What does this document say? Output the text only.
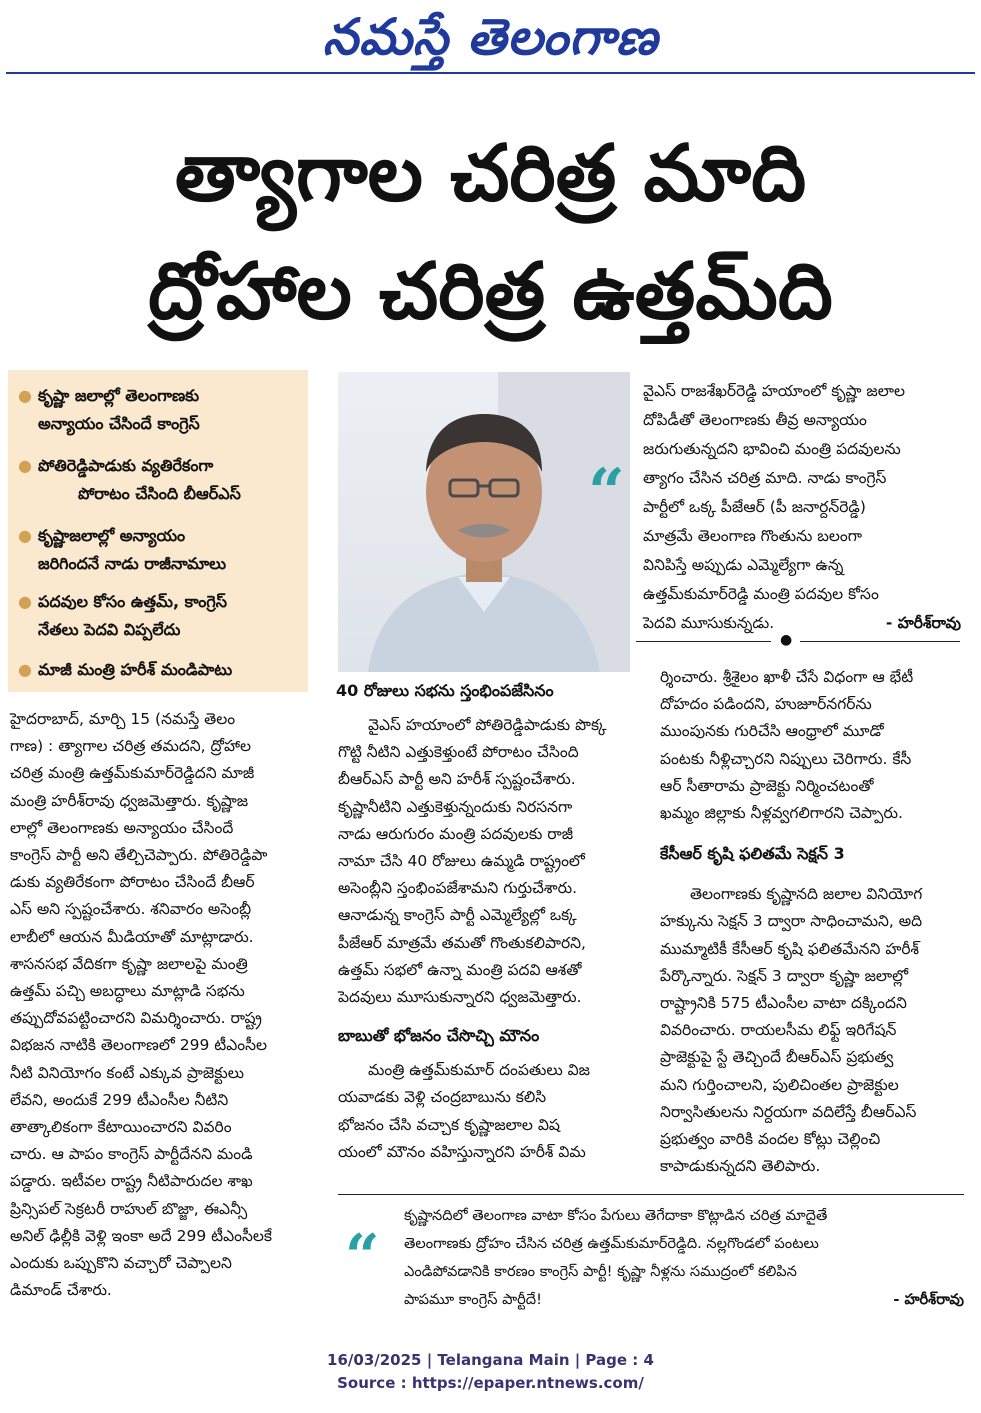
నమస్తే తెలంగాణ
త్యాగాల చరిత్ర మాది
ద్రోహాల చరిత్ర ఉత్తమ్‌ది
● కృష్ణా జలాల్లో తెలంగాణకు
అన్యాయం చేసిందే కాంగ్రెస్
● పోతిరెడ్డిపాడుకు వ్యతిరేకంగా
పోరాటం చేసింది బీఆర్‌ఎస్
● కృష్ణాజలాల్లో అన్యాయం
జరిగిందనే నాడు రాజీనామాలు
● పదవుల కోసం ఉత్తమ్, కాంగ్రెస్
నేతలు పెదవి విప్పలేదు
● మాజీ మంత్రి హరీశ్ మండిపాటు
“
వైఎస్ రాజశేఖర్‌రెడ్డి హయాంలో కృష్ణా జలాల
దోపిడీతో తెలంగాణకు తీవ్ర అన్యాయం
జరుగుతున్నదని భావించి మంత్రి పదవులను
త్యాగం చేసిన చరిత్ర మాది. నాడు కాంగ్రెస్
పార్టీలో ఒక్క పీజేఆర్ (పీ జనార్దన్‌రెడ్డి)
మాత్రమే తెలంగాణ గొంతును బలంగా
వినిపిస్తే అప్పుడు ఎమ్మెల్యేగా ఉన్న
ఉత్తమ్‌కుమార్‌రెడ్డి మంత్రి పదవుల కోసం
పెదవి మూసుకున్నడు.	- హరీశ్‌రావు
●
హైదరాబాద్, మార్చి 15 (నమస్తే తెలం
గాణ) : త్యాగాల చరిత్ర తమదని, ద్రోహాల
చరిత్ర మంత్రి ఉత్తమ్‌కుమార్‌రెడ్డిదని మాజీ
మంత్రి హరీశ్‌రావు ధ్వజమెత్తారు. కృష్ణాజ
లాల్లో తెలంగాణకు అన్యాయం చేసిందే
కాంగ్రెస్ పార్టీ అని తేల్చిచెప్పారు. పోతిరెడ్డిపా
డుకు వ్యతిరేకంగా పోరాటం చేసిందే బీఆర్
ఎస్ అని స్పష్టంచేశారు. శనివారం అసెంబ్లీ
లాబీలో ఆయన మీడియాతో మాట్లాడారు.
శాసనసభ వేదికగా కృష్ణా జలాలపై మంత్రి
ఉత్తమ్ పచ్చి అబద్ధాలు మాట్లాడి సభను
తప్పుదోవపట్టించారని విమర్శించారు. రాష్ట్ర
విభజన నాటికి తెలంగాణలో 299 టీఎంసీల
నీటి వినియోగం కంటే ఎక్కువ ప్రాజెక్టులు
లేవని, అందుకే 299 టీఎంసీల నీటిని
తాత్కాలికంగా కేటాయించారని వివరిం
చారు. ఆ పాపం కాంగ్రెస్ పార్టీదేనని మండి
పడ్డారు. ఇటీవల రాష్ట్ర నీటిపారుదల శాఖ
ప్రిన్సిపల్ సెక్రటరీ రాహుల్ బొజ్జా, ఈఎన్సీ
అనిల్ ఢిల్లీకి వెళ్లి ఇంకా అదే 299 టీఎంసీలకే
ఎందుకు ఒప్పుకొని వచ్చారో చెప్పాలని
డిమాండ్ చేశారు.
40 రోజులు సభను స్తంభింపజేసినం
వైఎస్ హయాంలో పోతిరెడ్డిపాడుకు పొక్క
గొట్టి నీటిని ఎత్తుకెళ్తుంటే పోరాటం చేసింది
బీఆర్‌ఎస్ పార్టీ అని హరీశ్ స్పష్టంచేశారు.
కృష్ణానీటిని ఎత్తుకెళ్తున్నందుకు నిరసనగా
నాడు ఆరుగురం మంత్రి పదవులకు రాజీ
నామా చేసి 40 రోజులు ఉమ్మడి రాష్ట్రంలో
అసెంబ్లీని స్తంభింపజేశామని గుర్తుచేశారు.
ఆనాడున్న కాంగ్రెస్ పార్టీ ఎమ్మెల్యేల్లో ఒక్క
పీజేఆర్ మాత్రమే తమతో గొంతుకలిపారని,
ఉత్తమ్ సభలో ఉన్నా మంత్రి పదవి ఆశతో
పెదవులు మూసుకున్నారని ధ్వజమెత్తారు.
బాబుతో భోజనం చేసొచ్చి మౌనం
మంత్రి ఉత్తమ్‌కుమార్ దంపతులు విజ
యవాడకు వెళ్లి చంద్రబాబును కలిసి
భోజనం చేసి వచ్చాక కృష్ణాజలాల విష
యంలో మౌనం వహిస్తున్నారని హరీశ్ విమ
ర్శించారు. శ్రీశైలం ఖాళీ చేసే విధంగా ఆ భేటీ
దోహదం పడిందని, హుజూర్‌నగర్‌ను
ముంపునకు గురిచేసి ఆంధ్రాలో మూడో
పంటకు నీళ్లిచ్చారని నిప్పులు చెరిగారు. కేసీ
ఆర్ సీతారామ ప్రాజెక్టు నిర్మించటంతో
ఖమ్మం జిల్లాకు నీళ్లవ్వగలిగారని చెప్పారు.
కేసీఆర్ కృషి ఫలితమే సెక్షన్ 3
తెలంగాణకు కృష్ణానది జలాల వినియోగ
హక్కును సెక్షన్ 3 ద్వారా సాధించామని, అది
ముమ్మాటికీ కేసీఆర్ కృషి ఫలితమేనని హరీశ్
పేర్కొన్నారు. సెక్షన్ 3 ద్వారా కృష్ణా జలాల్లో
రాష్ట్రానికి 575 టీఎంసీల వాటా దక్కిందని
వివరించారు. రాయలసీమ లిఫ్ట్ ఇరిగేషన్
ప్రాజెక్టుపై స్టే తెచ్చిందే బీఆర్‌ఎస్ ప్రభుత్వ
మని గుర్తించాలని, పులిచింతల ప్రాజెక్టుల
నిర్వాసితులను నిర్దయగా వదిలేస్తే బీఆర్‌ఎస్
ప్రభుత్వం వారికి వందల కోట్లు చెల్లించి
కాపాడుకున్నదని తెలిపారు.
“
కృష్ణానదిలో తెలంగాణ వాటా కోసం పేగులు తెగేదాకా కొట్లాడిన చరిత్ర మాదైతే
తెలంగాణకు ద్రోహం చేసిన చరిత్ర ఉత్తమ్‌కుమార్‌రెడ్డిది. నల్లగొండలో పంటలు
ఎండిపోవడానికి కారణం కాంగ్రెస్ పార్టీ! కృష్ణా నీళ్లను సముద్రంలో కలిపిన
పాపమూ కాంగ్రెస్ పార్టీదే!	- హరీశ్‌రావు
16/03/2025 | Telangana Main | Page : 4
Source : https://epaper.ntnews.com/
